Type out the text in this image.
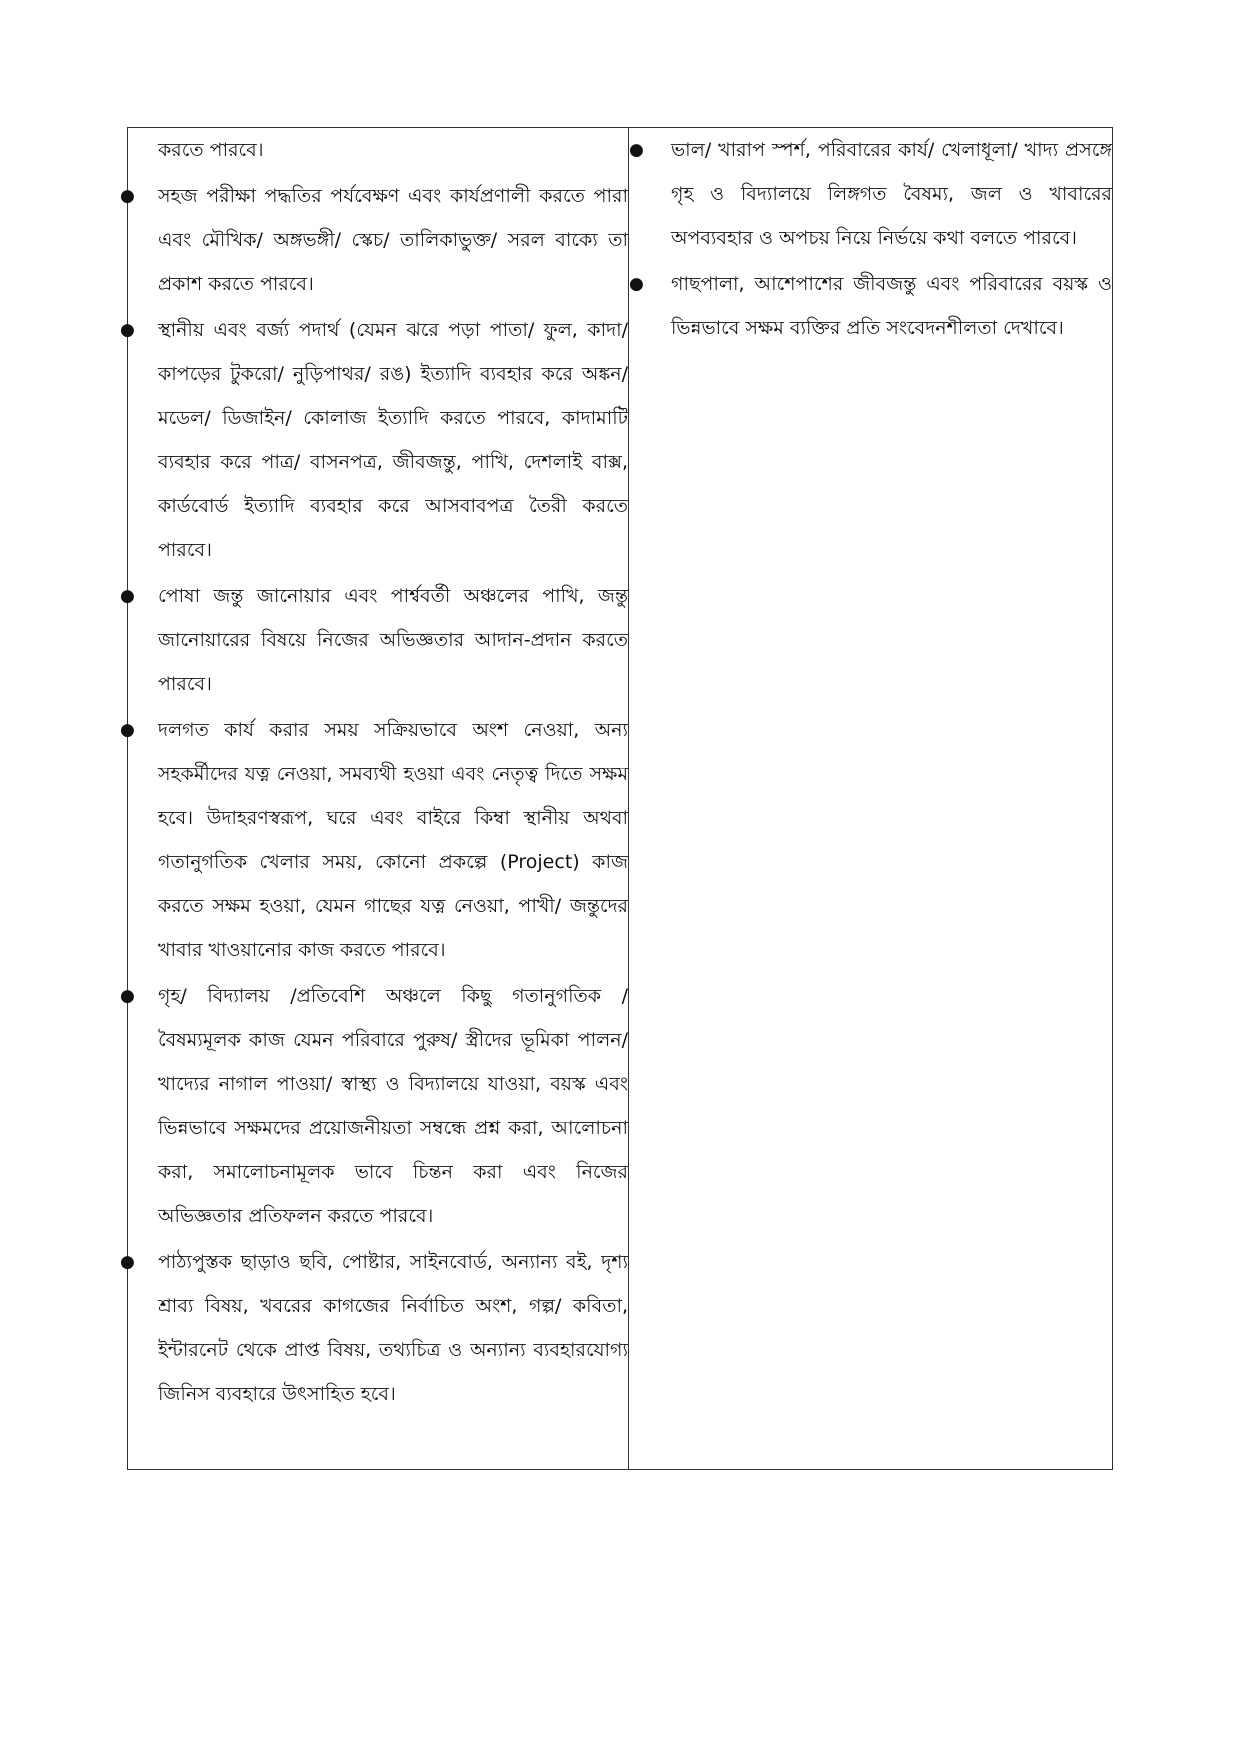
করতে পারবে।

● সহজ পরীক্ষা পদ্ধতির পর্যবেক্ষণ এবং কার্যপ্রণালী করতে পারা এবং মৌখিক/ অঙ্গভঙ্গী/ স্কেচ/ তালিকাভুক্ত/ সরল বাক্যে তা প্রকাশ করতে পারবে।
● স্থানীয় এবং বর্জ্য পদার্থ (যেমন ঝরে পড়া পাতা/ ফুল, কাদা/ কাপড়ের টুকরো/ নুড়িপাথর/ রঙ) ইত্যাদি ব্যবহার করে অঙ্কন/ মডেল/ ডিজাইন/ কোলাজ ইত্যাদি করতে পারবে, কাদামাটি ব্যবহার করে পাত্র/ বাসনপত্র, জীবজন্তু, পাখি, দেশলাই বাক্স, কার্ডবোর্ড ইত্যাদি ব্যবহার করে আসবাবপত্র তৈরী করতে পারবে।
● পোষা জন্তু জানোয়ার এবং পার্শ্ববর্তী অঞ্চলের পাখি, জন্তু জানোয়ারের বিষয়ে নিজের অভিজ্ঞতার আদান-প্রদান করতে পারবে।
● দলগত কার্য করার সময় সক্রিয়ভাবে অংশ নেওয়া, অন্য সহকর্মীদের যত্ন নেওয়া, সমব্যথী হওয়া এবং নেতৃত্ব দিতে সক্ষম হবে। উদাহরণস্বরূপ, ঘরে এবং বাইরে কিম্বা স্থানীয় অথবা গতানুগতিক খেলার সময়, কোনো প্রকল্পে (Project) কাজ করতে সক্ষম হওয়া, যেমন গাছের যত্ন নেওয়া, পাখী/ জন্তুদের খাবার খাওয়ানোর কাজ করতে পারবে।
● গৃহ/ বিদ্যালয় /প্রতিবেশি অঞ্চলে কিছু গতানুগতিক / বৈষম্যমূলক কাজ যেমন পরিবারে পুরুষ/ স্ত্রীদের ভূমিকা পালন/ খাদ্যের নাগাল পাওয়া/ স্বাস্থ্য ও বিদ্যালয়ে যাওয়া, বয়স্ক এবং ভিন্নভাবে সক্ষমদের প্রয়োজনীয়তা সম্বন্ধে প্রশ্ন করা, আলোচনা করা, সমালোচনামূলক ভাবে চিন্তন করা এবং নিজের অভিজ্ঞতার প্রতিফলন করতে পারবে।
● পাঠ্যপুস্তক ছাড়াও ছবি, পোষ্টার, সাইনবোর্ড, অন্যান্য বই, দৃশ্য শ্রাব্য বিষয়, খবরের কাগজের নির্বাচিত অংশ, গল্প/ কবিতা, ইন্টারনেট থেকে প্রাপ্ত বিষয়, তথ্যচিত্র ও অন্যান্য ব্যবহারযোগ্য জিনিস ব্যবহারে উৎসাহিত হবে।

● ভাল/ খারাপ স্পর্শ, পরিবারের কার্য/ খেলাধূলা/ খাদ্য প্রসঙ্গে গৃহ ও বিদ্যালয়ে লিঙ্গগত বৈষম্য, জল ও খাবারের অপব্যবহার ও অপচয় নিয়ে নির্ভয়ে কথা বলতে পারবে।
● গাছপালা, আশেপাশের জীবজন্তু এবং পরিবারের বয়স্ক ও ভিন্নভাবে সক্ষম ব্যক্তির প্রতি সংবেদনশীলতা দেখাবে।
